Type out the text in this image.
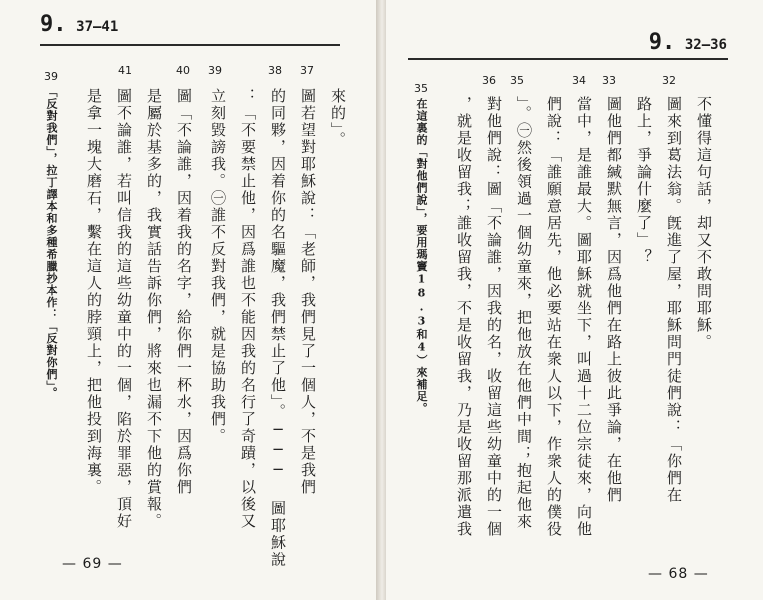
9. 37—41
41	40 39	38 37
來的」。
圖若望對耶穌說：「老師，我們見了一個人，不是我們
的同夥，因着你的名驅魔，我們禁止了他」。─── 圖耶穌說
：「不要禁止他，因爲誰也不能因我的名行了奇蹟，以後又
立刻毀謗我。㊀誰不反對我們，就是協助我們。
圖「不論誰，因着我的名字，給你們一杯水，因爲你們
是屬於基多的，我實話告訴你們，將來也漏不下他的賞報。
圖不論誰，若叫信我的這些幼童中的一個，陷於罪惡，頂好
是拿一塊大磨石，繫在這人的脖頸上，把他投到海裏。
39
「反對我們」，拉丁譯本和多種希臘抄本作：「反對你們」。
— 69 —
9. 32—36
36 35	34 33	32
不懂得這句話，却又不敢問耶穌。
圖來到葛法翁。旣進了屋，耶穌問門徒們說：「你們在
路上，爭論什麼了」？
圖他們都緘默無言，因爲他們在路上彼此爭論，在他們
當中，是誰最大。圖耶穌就坐下，叫過十二位宗徒來，向他
們說：「誰願意居先，他必要站在衆人以下，作衆人的僕役
」。㊀然後領過一個幼童來，把他放在他們中間；抱起他來
對他們說：圖「不論誰，因我的名，收留這些幼童中的一個
，就是收留我；誰收留我，不是收留我，乃是收留那派遣我
35
在這裏的「對他們說」，要用瑪竇18.3和4）來補足。
— 68 —
